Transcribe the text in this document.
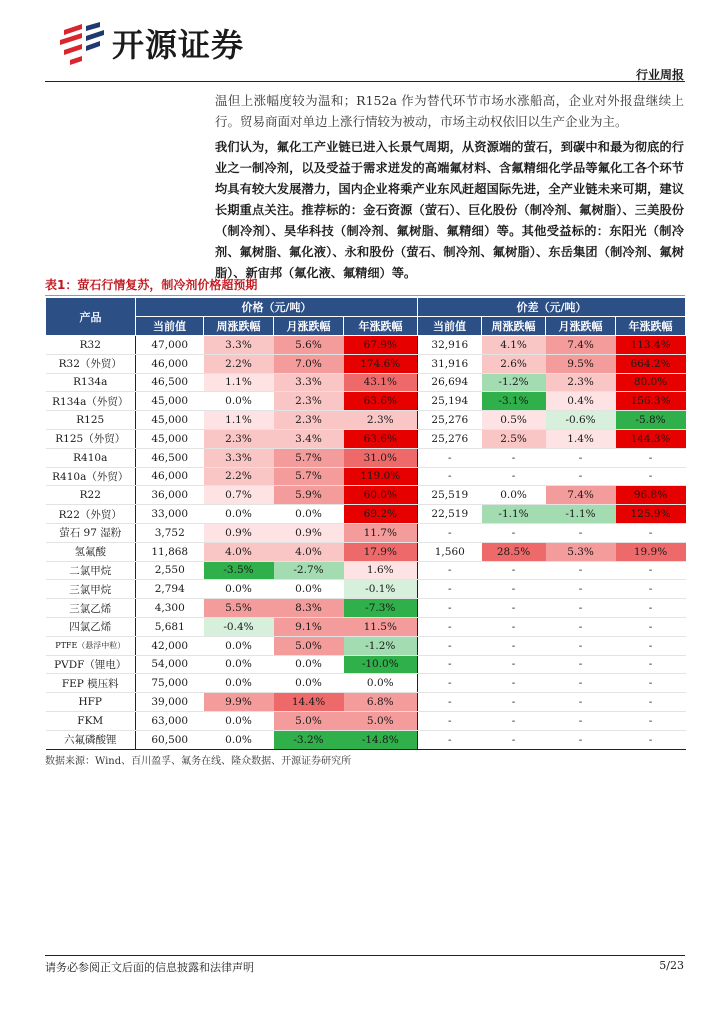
开源证券
行业周报

温但上涨幅度较为温和；R152a 作为替代环节市场水涨船高，企业对外报盘继续上行。贸易商面对单边上涨行情较为被动，市场主动权依旧以生产企业为主。

我们认为，氟化工产业链已进入长景气周期，从资源端的萤石，到碳中和最为彻底的行业之一制冷剂，以及受益于需求迸发的高端氟材料、含氟精细化学品等氟化工各个环节均具有较大发展潜力，国内企业将乘产业东风赶超国际先进，全产业链未来可期，建议长期重点关注。推荐标的：金石资源（萤石）、巨化股份（制冷剂、氟树脂）、三美股份（制冷剂）、昊华科技（制冷剂、氟树脂、氟精细）等。其他受益标的：东阳光（制冷剂、氟树脂、氟化液）、永和股份（萤石、制冷剂、氟树脂）、东岳集团（制冷剂、氟树脂）、新宙邦（氟化液、氟精细）等。

表1：萤石行情复苏，制冷剂价格超预期
产品	价格（元/吨）				价差（元/吨）			
	当前值	周涨跌幅	月涨跌幅	年涨跌幅	当前值	周涨跌幅	月涨跌幅	年涨跌幅
R32	47,000	3.3%	5.6%	67.9%	32,916	4.1%	7.4%	113.4%
R32（外贸）	46,000	2.2%	7.0%	174.6%	31,916	2.6%	9.5%	664.2%
R134a	46,500	1.1%	3.3%	43.1%	26,694	-1.2%	2.3%	80.0%
R134a（外贸）	45,000	0.0%	2.3%	63.6%	25,194	-3.1%	0.4%	156.3%
R125	45,000	1.1%	2.3%	2.3%	25,276	0.5%	-0.6%	-5.8%
R125（外贸）	45,000	2.3%	3.4%	63.6%	25,276	2.5%	1.4%	144.3%
R410a	46,500	3.3%	5.7%	31.0%	-	-	-	-
R410a（外贸）	46,000	2.2%	5.7%	119.0%	-	-	-	-
R22	36,000	0.7%	5.9%	60.0%	25,519	0.0%	7.4%	96.8%
R22（外贸）	33,000	0.0%	0.0%	69.2%	22,519	-1.1%	-1.1%	125.9%
萤石 97 湿粉	3,752	0.9%	0.9%	11.7%	-	-	-	-
氢氟酸	11,868	4.0%	4.0%	17.9%	1,560	28.5%	5.3%	19.9%
二氯甲烷	2,550	-3.5%	-2.7%	1.6%	-	-	-	-
三氯甲烷	2,794	0.0%	0.0%	-0.1%	-	-	-	-
三氯乙烯	4,300	5.5%	8.3%	-7.3%	-	-	-	-
四氯乙烯	5,681	-0.4%	9.1%	11.5%	-	-	-	-
PTFE（悬浮中粒）	42,000	0.0%	5.0%	-1.2%	-	-	-	-
PVDF（锂电）	54,000	0.0%	0.0%	-10.0%	-	-	-	-
FEP 模压料	75,000	0.0%	0.0%	0.0%	-	-	-	-
HFP	39,000	9.9%	14.4%	6.8%	-	-	-	-
FKM	63,000	0.0%	5.0%	5.0%	-	-	-	-
六氟磷酸锂	60,500	0.0%	-3.2%	-14.8%	-	-	-	-
数据来源：Wind、百川盈孚、氟务在线、隆众数据、开源证券研究所
请务必参阅正文后面的信息披露和法律声明	5/23
